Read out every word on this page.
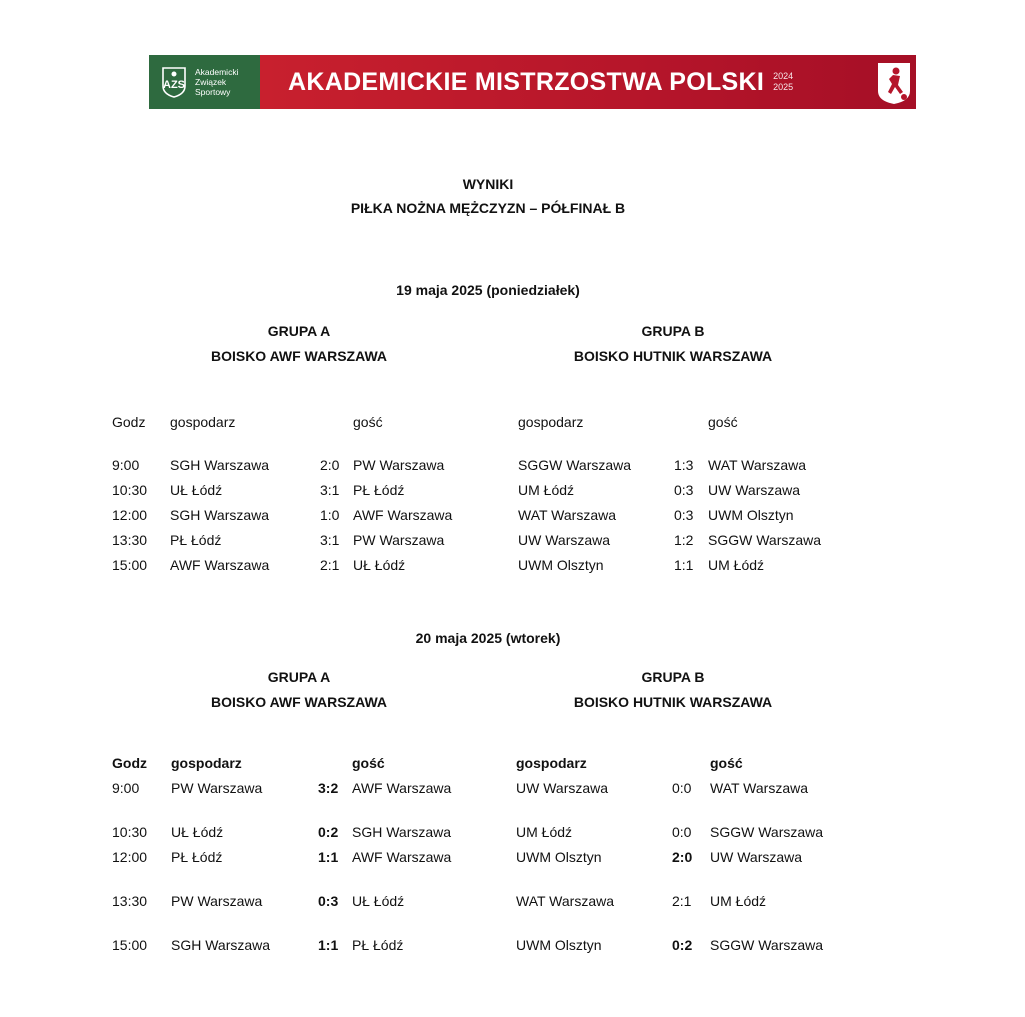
AZS
Akademicki
Związek
Sportowy	AKADEMICKIE MISTRZOSTWA POLSKI 2024
2025
WYNIKI
PIŁKA NOŻNA MĘŻCZYZN – PÓŁFINAŁ B
19 maja 2025 (poniedziałek)
GRUPA A
BOISKO AWF WARSZAWA
GRUPA B
BOISKO HUTNIK WARSZAWA
Godz gospodarz	gość	gospodarz	gość
9:00 SGH Warszawa	2:0 PW Warszawa	SGGW Warszawa	1:3 WAT Warszawa
10:30 UŁ Łódź	3:1 PŁ Łódź	UM Łódź	0:3 UW Warszawa
12:00 SGH Warszawa	1:0 AWF Warszawa	WAT Warszawa	0:3 UWM Olsztyn
13:30 PŁ Łódź	3:1 PW Warszawa	UW Warszawa	1:2 SGGW Warszawa
15:00 AWF Warszawa	2:1 UŁ Łódź	UWM Olsztyn	1:1 UM Łódź
20 maja 2025 (wtorek)
GRUPA A
BOISKO AWF WARSZAWA
GRUPA B
BOISKO HUTNIK WARSZAWA
Godz gospodarz	gość	gospodarz	gość
9:00 PW Warszawa	3:2 AWF Warszawa	UW Warszawa	0:0 WAT Warszawa
10:30 UŁ Łódź	0:2 SGH Warszawa	UM Łódź	0:0 SGGW Warszawa
12:00 PŁ Łódź	1:1 AWF Warszawa	UWM Olsztyn	2:0 UW Warszawa
13:30 PW Warszawa	0:3 UŁ Łódź	WAT Warszawa	2:1 UM Łódź
15:00 SGH Warszawa	1:1 PŁ Łódź	UWM Olsztyn	0:2 SGGW Warszawa
